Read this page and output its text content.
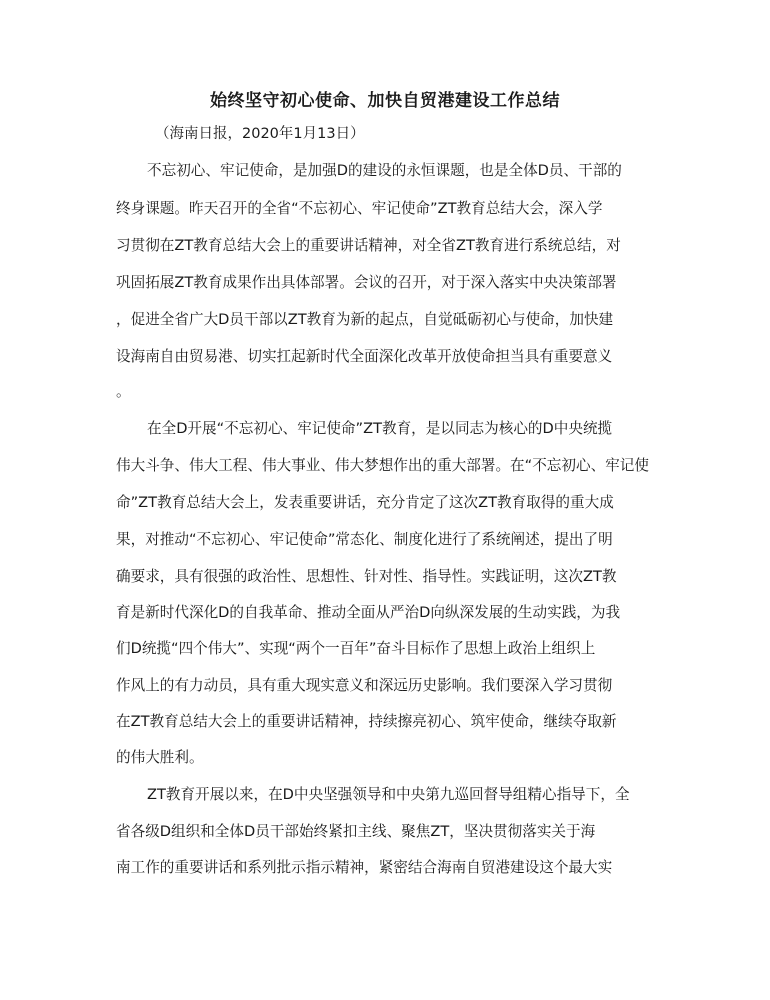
始终坚守初心使命、加快自贸港建设工作总结
（海南日报，2020年1月13日）
不忘初心、牢记使命，是加强D的建设的永恒课题，也是全体D员、干部的
终身课题。昨天召开的全省“不忘初心、牢记使命”ZT教育总结大会，深入学
习贯彻在ZT教育总结大会上的重要讲话精神，对全省ZT教育进行系统总结，对
巩固拓展ZT教育成果作出具体部署。会议的召开，对于深入落实中央决策部署
，促进全省广大D员干部以ZT教育为新的起点，自觉砥砺初心与使命，加快建
设海南自由贸易港、切实扛起新时代全面深化改革开放使命担当具有重要意义
。
在全D开展“不忘初心、牢记使命”ZT教育，是以同志为核心的D中央统揽
伟大斗争、伟大工程、伟大事业、伟大梦想作出的重大部署。在“不忘初心、牢记使
命”ZT教育总结大会上，发表重要讲话，充分肯定了这次ZT教育取得的重大成
果，对推动“不忘初心、牢记使命”常态化、制度化进行了系统阐述，提出了明
确要求，具有很强的政治性、思想性、针对性、指导性。实践证明，这次ZT教
育是新时代深化D的自我革命、推动全面从严治D向纵深发展的生动实践，为我
们D统揽“四个伟大”、实现“两个一百年”奋斗目标作了思想上政治上组织上
作风上的有力动员，具有重大现实意义和深远历史影响。我们要深入学习贯彻
在ZT教育总结大会上的重要讲话精神，持续擦亮初心、筑牢使命，继续夺取新
的伟大胜利。
ZT教育开展以来，在D中央坚强领导和中央第九巡回督导组精心指导下，全
省各级D组织和全体D员干部始终紧扣主线、聚焦ZT，坚决贯彻落实关于海
南工作的重要讲话和系列批示指示精神，紧密结合海南自贸港建设这个最大实
